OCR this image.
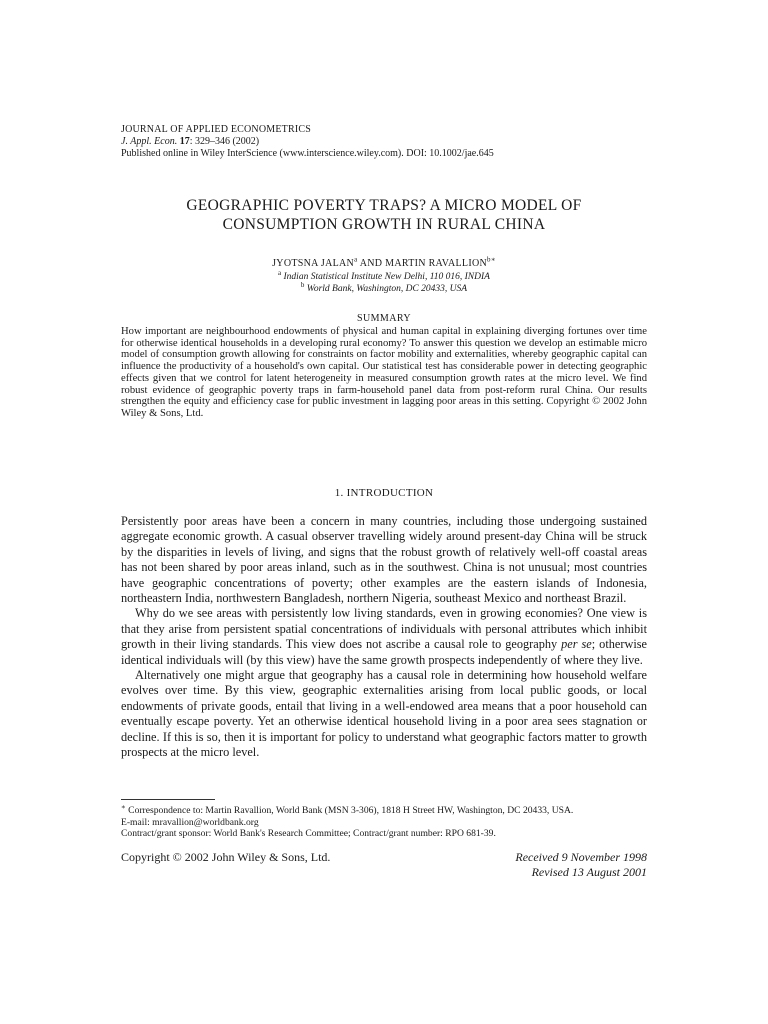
JOURNAL OF APPLIED ECONOMETRICS
J. Appl. Econ. 17: 329–346 (2002)
Published online in Wiley InterScience (www.interscience.wiley.com). DOI: 10.1002/jae.645
GEOGRAPHIC POVERTY TRAPS? A MICRO MODEL OF
CONSUMPTION GROWTH IN RURAL CHINA
JYOTSNA JALAN$^a$ AND MARTIN $RAVALLION^{b∗}$
$^a$ Indian Statistical Institute New Delhi, 110 016, INDIA
$^b$ World Bank, Washington, DC 20433, USA
SUMMARY
How important are neighbourhood endowments of physical and human capital in explaining diverging fortunes over time for otherwise identical households in a developing rural economy? To answer this question we develop an estimable micro model of consumption growth allowing for constraints on factor mobility and externalities, whereby geographic capital can influence the productivity of a household's own capital. Our statistical test has considerable power in detecting geographic effects given that we control for latent heterogeneity in measured consumption growth rates at the micro level. We find robust evidence of geographic poverty traps in farm-household panel data from post-reform rural China. Our results strengthen the equity and efficiency case for public investment in lagging poor areas in this setting. Copyright © 2002 John Wiley & Sons, Ltd.
1. INTRODUCTION

Persistently poor areas have been a concern in many countries, including those undergoing sustained aggregate economic growth. A casual observer travelling widely around present-day China will be struck by the disparities in levels of living, and signs that the robust growth of relatively well-off coastal areas has not been shared by poor areas inland, such as in the southwest. China is not unusual; most countries have geographic concentrations of poverty; other examples are the eastern islands of Indonesia, northeastern India, northwestern Bangladesh, northern Nigeria, southeast Mexico and northeast Brazil.

Why do we see areas with persistently low living standards, even in growing economies? One view is that they arise from persistent spatial concentrations of individuals with personal attributes which inhibit growth in their living standards. This view does not ascribe a causal role to geography per se; otherwise identical individuals will (by this view) have the same growth prospects independently of where they live.

Alternatively one might argue that geography has a causal role in determining how household welfare evolves over time. By this view, geographic externalities arising from local public goods, or local endowments of private goods, entail that living in a well-endowed area means that a poor household can eventually escape poverty. Yet an otherwise identical household living in a poor area sees stagnation or decline. If this is so, then it is important for policy to understand what geographic factors matter to growth prospects at the micro level.

∗ Correspondence to: Martin Ravallion, World Bank (MSN 3-306), 1818 H Street HW, Washington, DC 20433, USA.
E-mail: mravallion@worldbank.org
Contract/grant sponsor: World Bank's Research Committee; Contract/grant number: RPO 681-39.
Copyright © 2002 John Wiley & Sons, Ltd.	Received 9 November 1998
Revised 13 August 2001
